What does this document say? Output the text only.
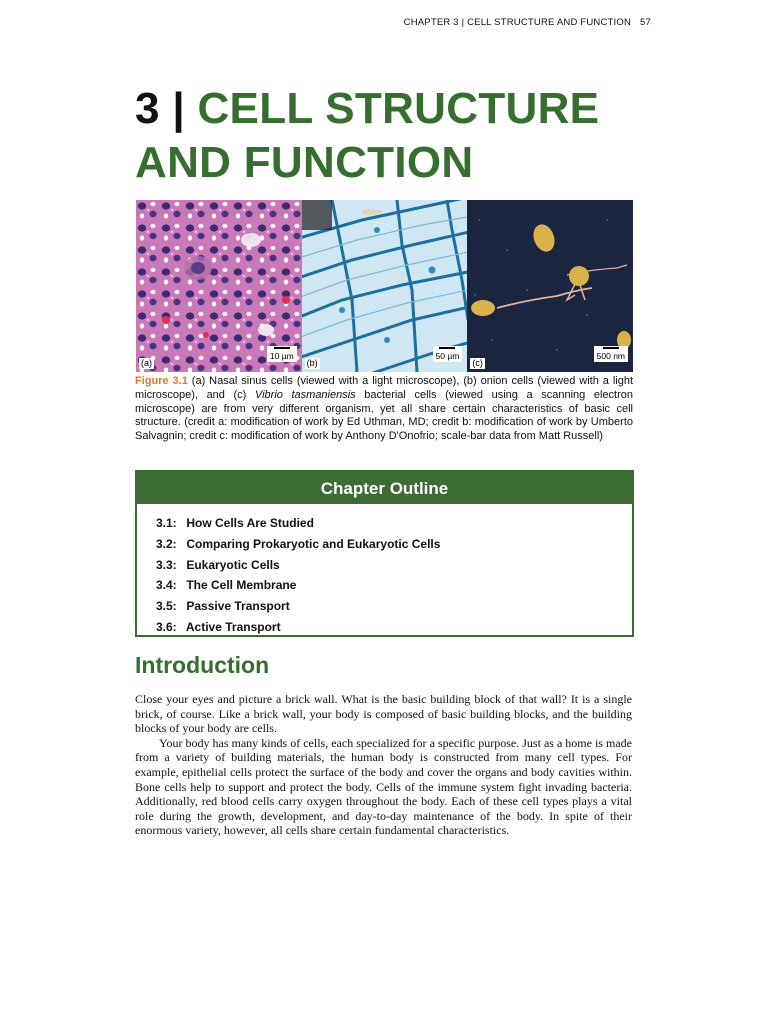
CHAPTER 3 | CELL STRUCTURE AND FUNCTION 57
3 | CELL STRUCTURE
AND FUNCTION
10 µm
(a)
50 µm
(b)
500 nm
(c)
Figure 3.1 (a) Nasal sinus cells (viewed with a light microscope), (b) onion cells (viewed with a light microscope), and (c) Vibrio tasmaniensis bacterial cells (viewed using a scanning electron microscope) are from very different organism, yet all share certain characteristics of basic cell structure. (credit a: modification of work by Ed Uthman, MD; credit b: modification of work by Umberto Salvagnin; credit c: modification of work by Anthony D'Onofrio; scale-bar data from Matt Russell)
Chapter Outline
3.1: How Cells Are Studied
3.2: Comparing Prokaryotic and Eukaryotic Cells
3.3: Eukaryotic Cells
3.4: The Cell Membrane
3.5: Passive Transport
3.6: Active Transport
Introduction

Close your eyes and picture a brick wall. What is the basic building block of that wall? It is a single brick, of course. Like a brick wall, your body is composed of basic building blocks, and the building blocks of your body are cells.

Your body has many kinds of cells, each specialized for a specific purpose. Just as a home is made from a variety of building materials, the human body is constructed from many cell types. For example, epithelial cells protect the surface of the body and cover the organs and body cavities within. Bone cells help to support and protect the body. Cells of the immune system fight invading bacteria. Additionally, red blood cells carry oxygen throughout the body. Each of these cell types plays a vital role during the growth, development, and day-to-day maintenance of the body. In spite of their enormous variety, however, all cells share certain fundamental characteristics.
